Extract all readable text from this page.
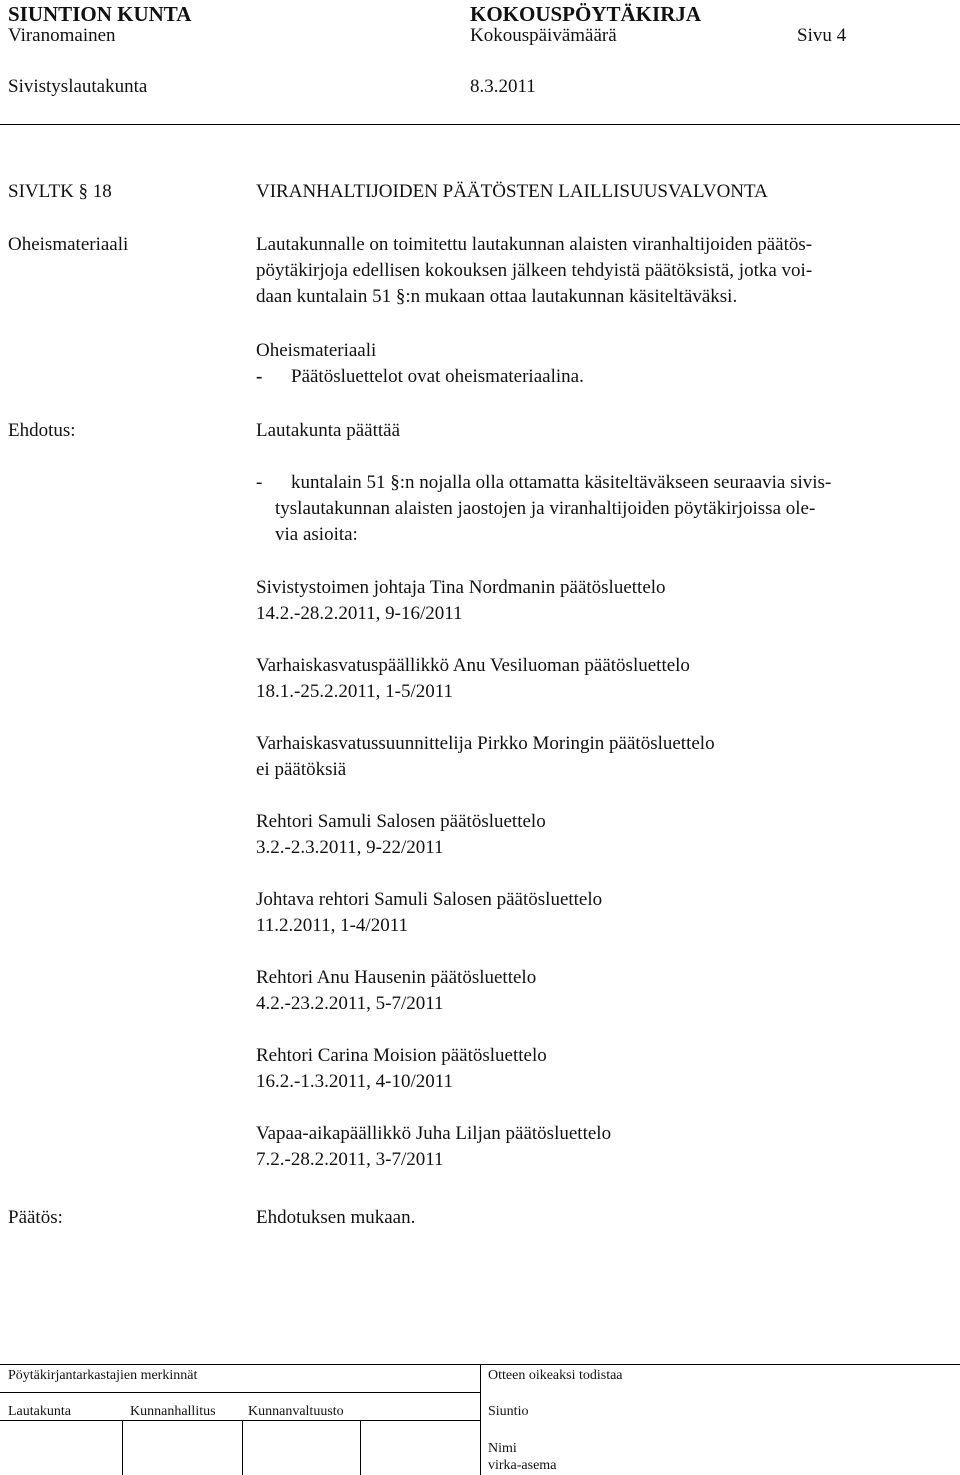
SIUNTION KUNTA	KOKOUSPÖYTÄKIRJA
Viranomainen	Kokouspäivämäärä	Sivu 4
Sivistyslautakunta	8.3.2011
SIVLTK § 18	VIRANHALTIJOIDEN PÄÄTÖSTEN LAILLISUUSVALVONTA
Oheismateriaali	Lautakunnalle on toimitettu lautakunnan alaisten viranhaltijoiden päätös-
pöytäkirjoja edellisen kokouksen jälkeen tehdyistä päätöksistä, jotka voi-
daan kuntalain 51 §:n mukaan ottaa lautakunnan käsiteltäväksi.
Oheismateriaali
- Päätösluettelot ovat oheismateriaalina.
Ehdotus:	Lautakunta päättää
- kuntalain 51 §:n nojalla olla ottamatta käsiteltäväkseen seuraavia sivis-
tyslautakunnan alaisten jaostojen ja viranhaltijoiden pöytäkirjoissa ole-
via asioita:
Sivistystoimen johtaja Tina Nordmanin päätösluettelo
14.2.-28.2.2011, 9-16/2011
Varhaiskasvatuspäällikkö Anu Vesiluoman päätösluettelo
18.1.-25.2.2011, 1-5/2011
Varhaiskasvatussuunnittelija Pirkko Moringin päätösluettelo
ei päätöksiä
Rehtori Samuli Salosen päätösluettelo
3.2.-2.3.2011, 9-22/2011
Johtava rehtori Samuli Salosen päätösluettelo
11.2.2011, 1-4/2011
Rehtori Anu Hausenin päätösluettelo
4.2.-23.2.2011, 5-7/2011
Rehtori Carina Moision päätösluettelo
16.2.-1.3.2011, 4-10/2011
Vapaa-aikapäällikkö Juha Liljan päätösluettelo
7.2.-28.2.2011, 3-7/2011
Päätös:	Ehdotuksen mukaan.
Pöytäkirjantarkastajien merkinnät	Otteen oikeaksi todistaa
Lautakunta	Kunnanhallitus Kunnanvaltuusto	Siuntio
Nimi
virka-asema
